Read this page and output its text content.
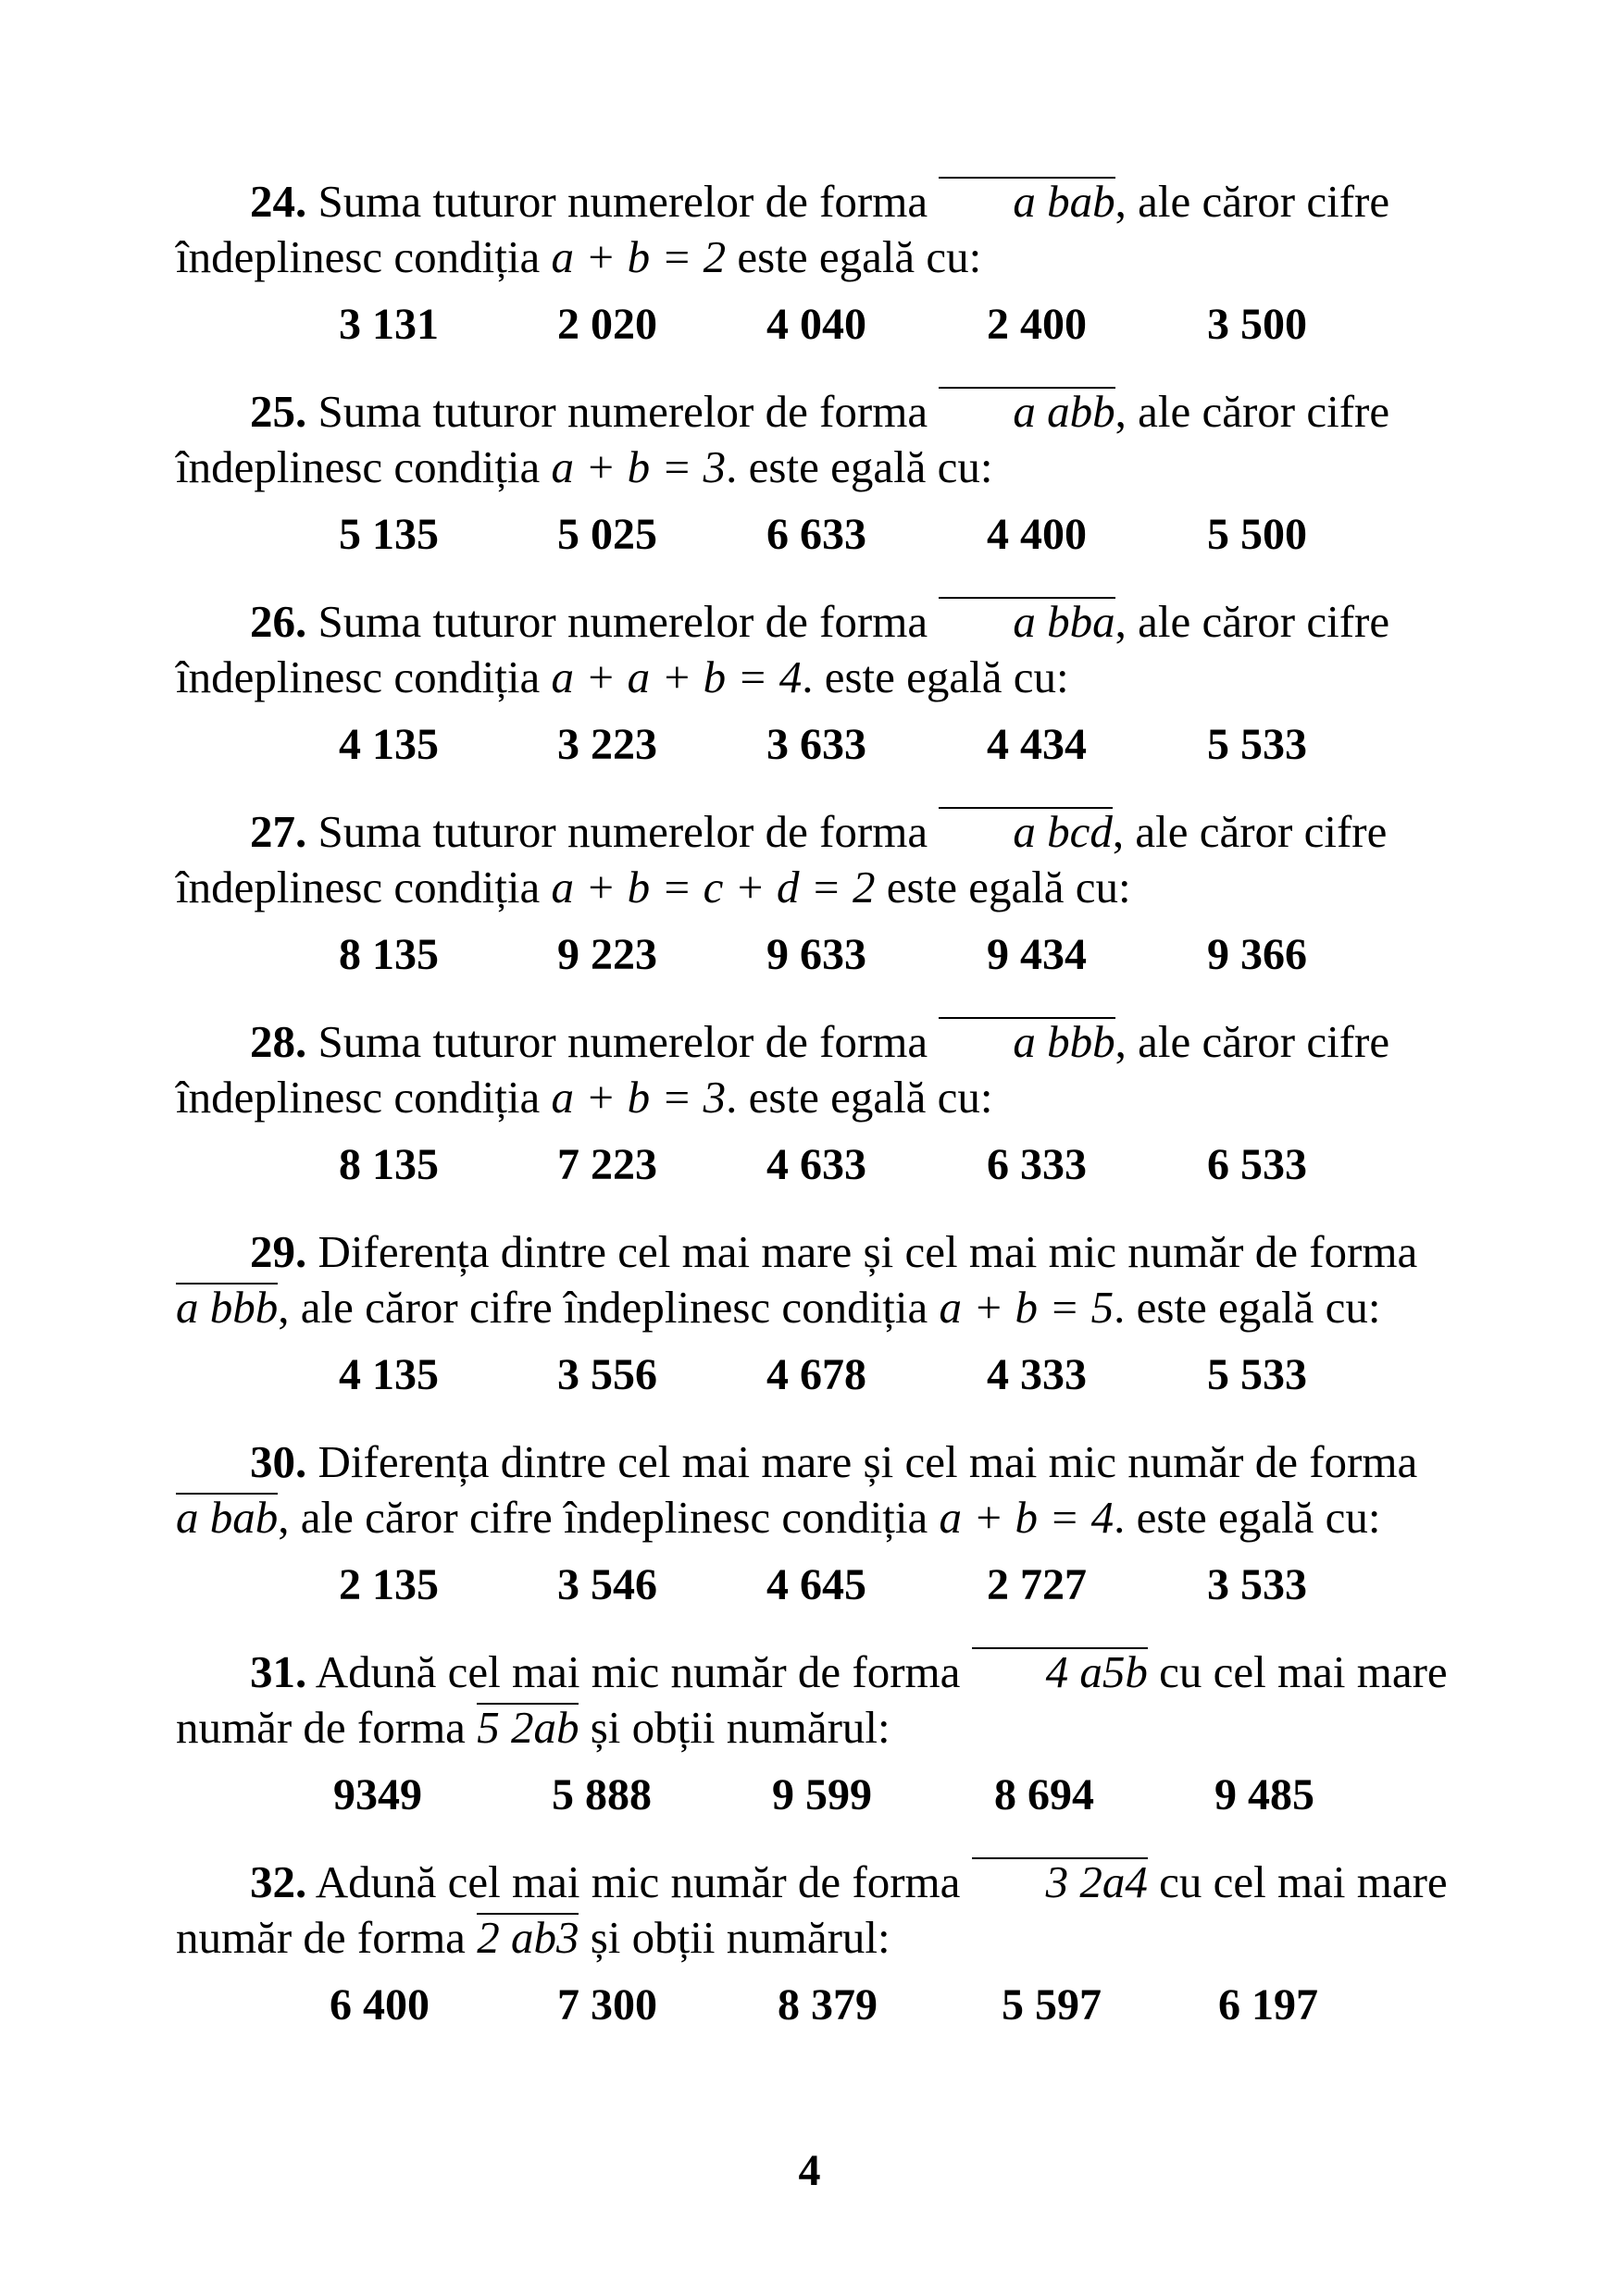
24. Suma tuturor numerelor de forma a bab, ale căror cifre
îndeplinesc condiția a + b = 2 este egală cu:
3 131	2 020 4 040	2 400	3 500
25. Suma tuturor numerelor de forma a abb, ale căror cifre
îndeplinesc condiția a + b = 3. este egală cu:
5 135	5 025 6 633	4 400	5 500
26. Suma tuturor numerelor de forma a bba, ale căror cifre
îndeplinesc condiția a + a + b = 4. este egală cu:
4 135	3 223 3 633	4 434	5 533
27. Suma tuturor numerelor de forma a bcd, ale căror cifre
îndeplinesc condiția a + b = c + d = 2 este egală cu:
8 135	9 223 9 633	9 434	9 366
28. Suma tuturor numerelor de forma a bbb, ale căror cifre
îndeplinesc condiția a + b = 3. este egală cu:
8 135	7 223 4 633	6 333	6 533
29. Diferența dintre cel mai mare și cel mai mic număr de forma
a bbb, ale căror cifre îndeplinesc condiția a + b = 5. este egală cu:
4 135	3 556 4 678	4 333	5 533
30. Diferența dintre cel mai mare și cel mai mic număr de forma
a bab, ale căror cifre îndeplinesc condiția a + b = 4. este egală cu:
2 135	3 546 4 645	2 727	3 533
31. Adună cel mai mic număr de forma 4 a5b cu cel mai mare
număr de forma 5 2ab și obții numărul:
9349	5 888	9 599	8 694	9 485
32. Adună cel mai mic număr de forma 3 2a4 cu cel mai mare
număr de forma 2 ab3 și obții numărul:
6 400	7 300	8 379	5 597	6 197
4
